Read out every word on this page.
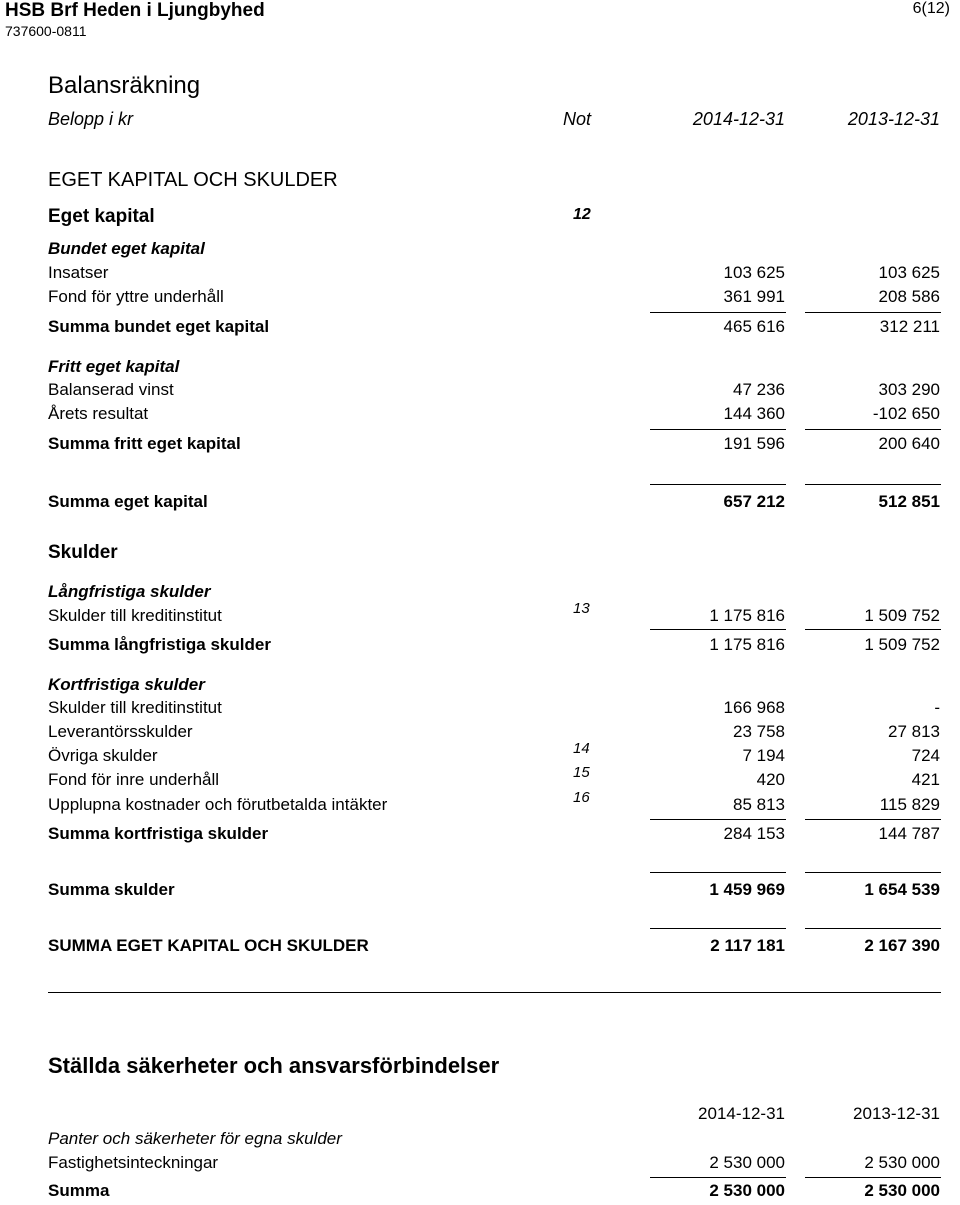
HSB Brf Heden i Ljungbyhed
737600-0811
6(12)
Balansräkning
Belopp i kr	Not	2014-12-31	2013-12-31
EGET KAPITAL OCH SKULDER
Eget kapital	12
Bundet eget kapital
Insatser	103 625	103 625
Fond för yttre underhåll	361 991	208 586
Summa bundet eget kapital	465 616	312 211
Fritt eget kapital
Balanserad vinst	47 236	303 290
Årets resultat	144 360	-102 650
Summa fritt eget kapital	191 596	200 640
Summa eget kapital	657 212	512 851
Skulder
Långfristiga skulder
Skulder till kreditinstitut	13	1 175 816	1 509 752
Summa långfristiga skulder	1 175 816	1 509 752
Kortfristiga skulder
Skulder till kreditinstitut	166 968	-
Leverantörsskulder	23 758	27 813
Övriga skulder	14	7 194	724
Fond för inre underhåll	15	420	421
Upplupna kostnader och förutbetalda intäkter	16	85 813	115 829
Summa kortfristiga skulder	284 153	144 787
Summa skulder	1 459 969	1 654 539
SUMMA EGET KAPITAL OCH SKULDER	2 117 181	2 167 390
Ställda säkerheter och ansvarsförbindelser
2014-12-31	2013-12-31
Panter och säkerheter för egna skulder
Fastighetsinteckningar	2 530 000	2 530 000
Summa	2 530 000	2 530 000
